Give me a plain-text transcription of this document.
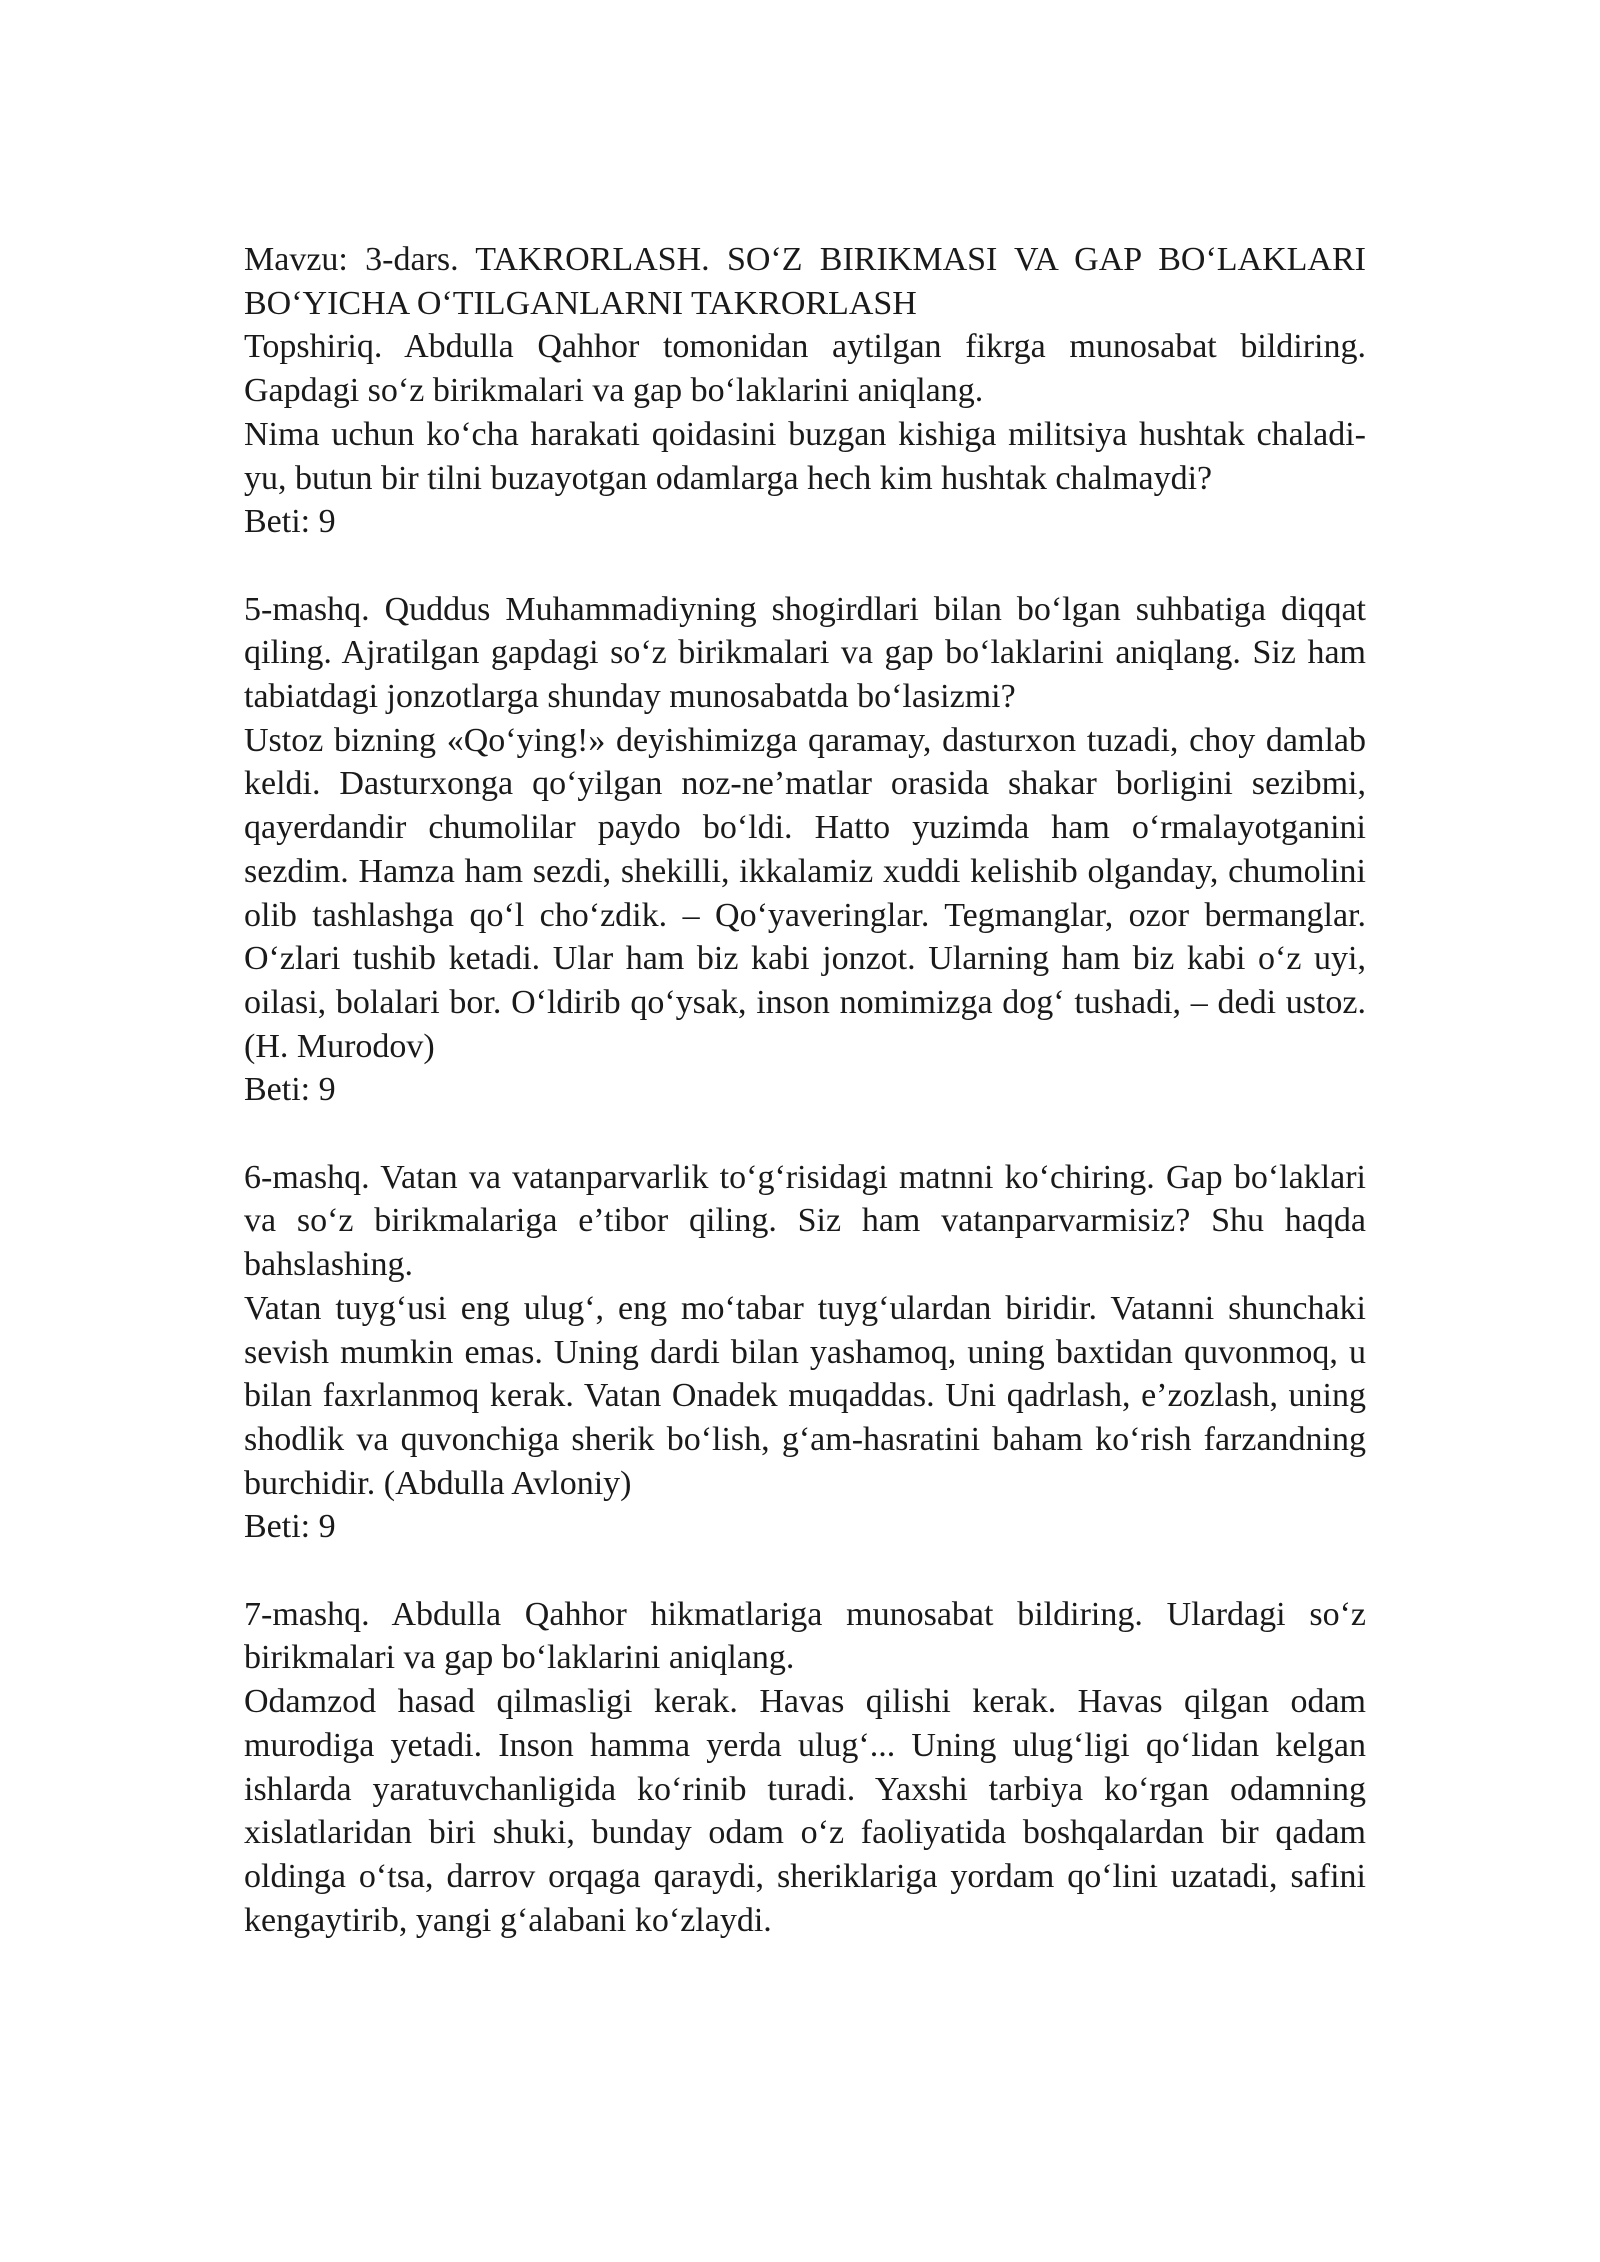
Mavzu: 3-dars. TAKRORLASH. SO‘Z BIRIKMASI VA GAP BO‘LAKLARI BO‘YICHA O‘TILGANLARNI TAKRORLASH

Topshiriq. Abdulla Qahhor tomonidan aytilgan fikrga munosabat bildiring. Gapdagi so‘z birikmalari va gap bo‘laklarini aniqlang.

Nima uchun ko‘cha harakati qoidasini buzgan kishiga militsiya hushtak chaladi-yu, butun bir tilni buzayotgan odamlarga hech kim hushtak chalmaydi?

Beti: 9

5-mashq. Quddus Muhammadiyning shogirdlari bilan bo‘lgan suhbatiga diqqat qiling. Ajratilgan gapdagi so‘z birikmalari va gap bo‘laklarini aniqlang. Siz ham tabiatdagi jonzotlarga shunday munosabatda bo‘lasizmi?

Ustoz bizning «Qo‘ying!» deyishimizga qaramay, dasturxon tuzadi, choy damlab keldi. Dasturxonga qo‘yilgan noz-ne’matlar orasida shakar borligini sezibmi, qayerdandir chumolilar paydo bo‘ldi. Hatto yuzimda ham o‘rmalayotganini sezdim. Hamza ham sezdi, shekilli, ikkalamiz xuddi kelishib olganday, chumolini olib tashlashga qo‘l cho‘zdik. – Qo‘yaveringlar. Tegmanglar, ozor bermanglar. O‘zlari tushib ketadi. Ular ham biz kabi jonzot. Ularning ham biz kabi o‘z uyi, oilasi, bolalari bor. O‘ldirib qo‘ysak, inson nomimizga dog‘ tushadi, – dedi ustoz. (H. Murodov)

Beti: 9

6-mashq. Vatan va vatanparvarlik to‘g‘risidagi matnni ko‘chiring. Gap bo‘laklari va so‘z birikmalariga e’tibor qiling. Siz ham vatanparvarmisiz? Shu haqda bahslashing.

Vatan tuyg‘usi eng ulug‘, eng mo‘tabar tuyg‘ulardan biridir. Vatanni shunchaki sevish mumkin emas. Uning dardi bilan yashamoq, uning baxtidan quvonmoq, u bilan faxrlanmoq kerak. Vatan Onadek muqaddas. Uni qadrlash, e’zozlash, uning shodlik va quvonchiga sherik bo‘lish, g‘am-hasratini baham ko‘rish farzandning burchidir. (Abdulla Avloniy)

Beti: 9

7-mashq. Abdulla Qahhor hikmatlariga munosabat bildiring. Ulardagi so‘z birikmalari va gap bo‘laklarini aniqlang.

Odamzod hasad qilmasligi kerak. Havas qilishi kerak. Havas qilgan odam murodiga yetadi. Inson hamma yerda ulug‘... Uning ulug‘ligi qo‘lidan kelgan ishlarda yaratuvchanligida ko‘rinib turadi. Yaxshi tarbiya ko‘rgan odamning xislatlaridan biri shuki, bunday odam o‘z faoliyatida boshqalardan bir qadam oldinga o‘tsa, darrov orqaga qaraydi, sheriklariga yordam qo‘lini uzatadi, safini kengaytirib, yangi g‘alabani ko‘zlaydi.
